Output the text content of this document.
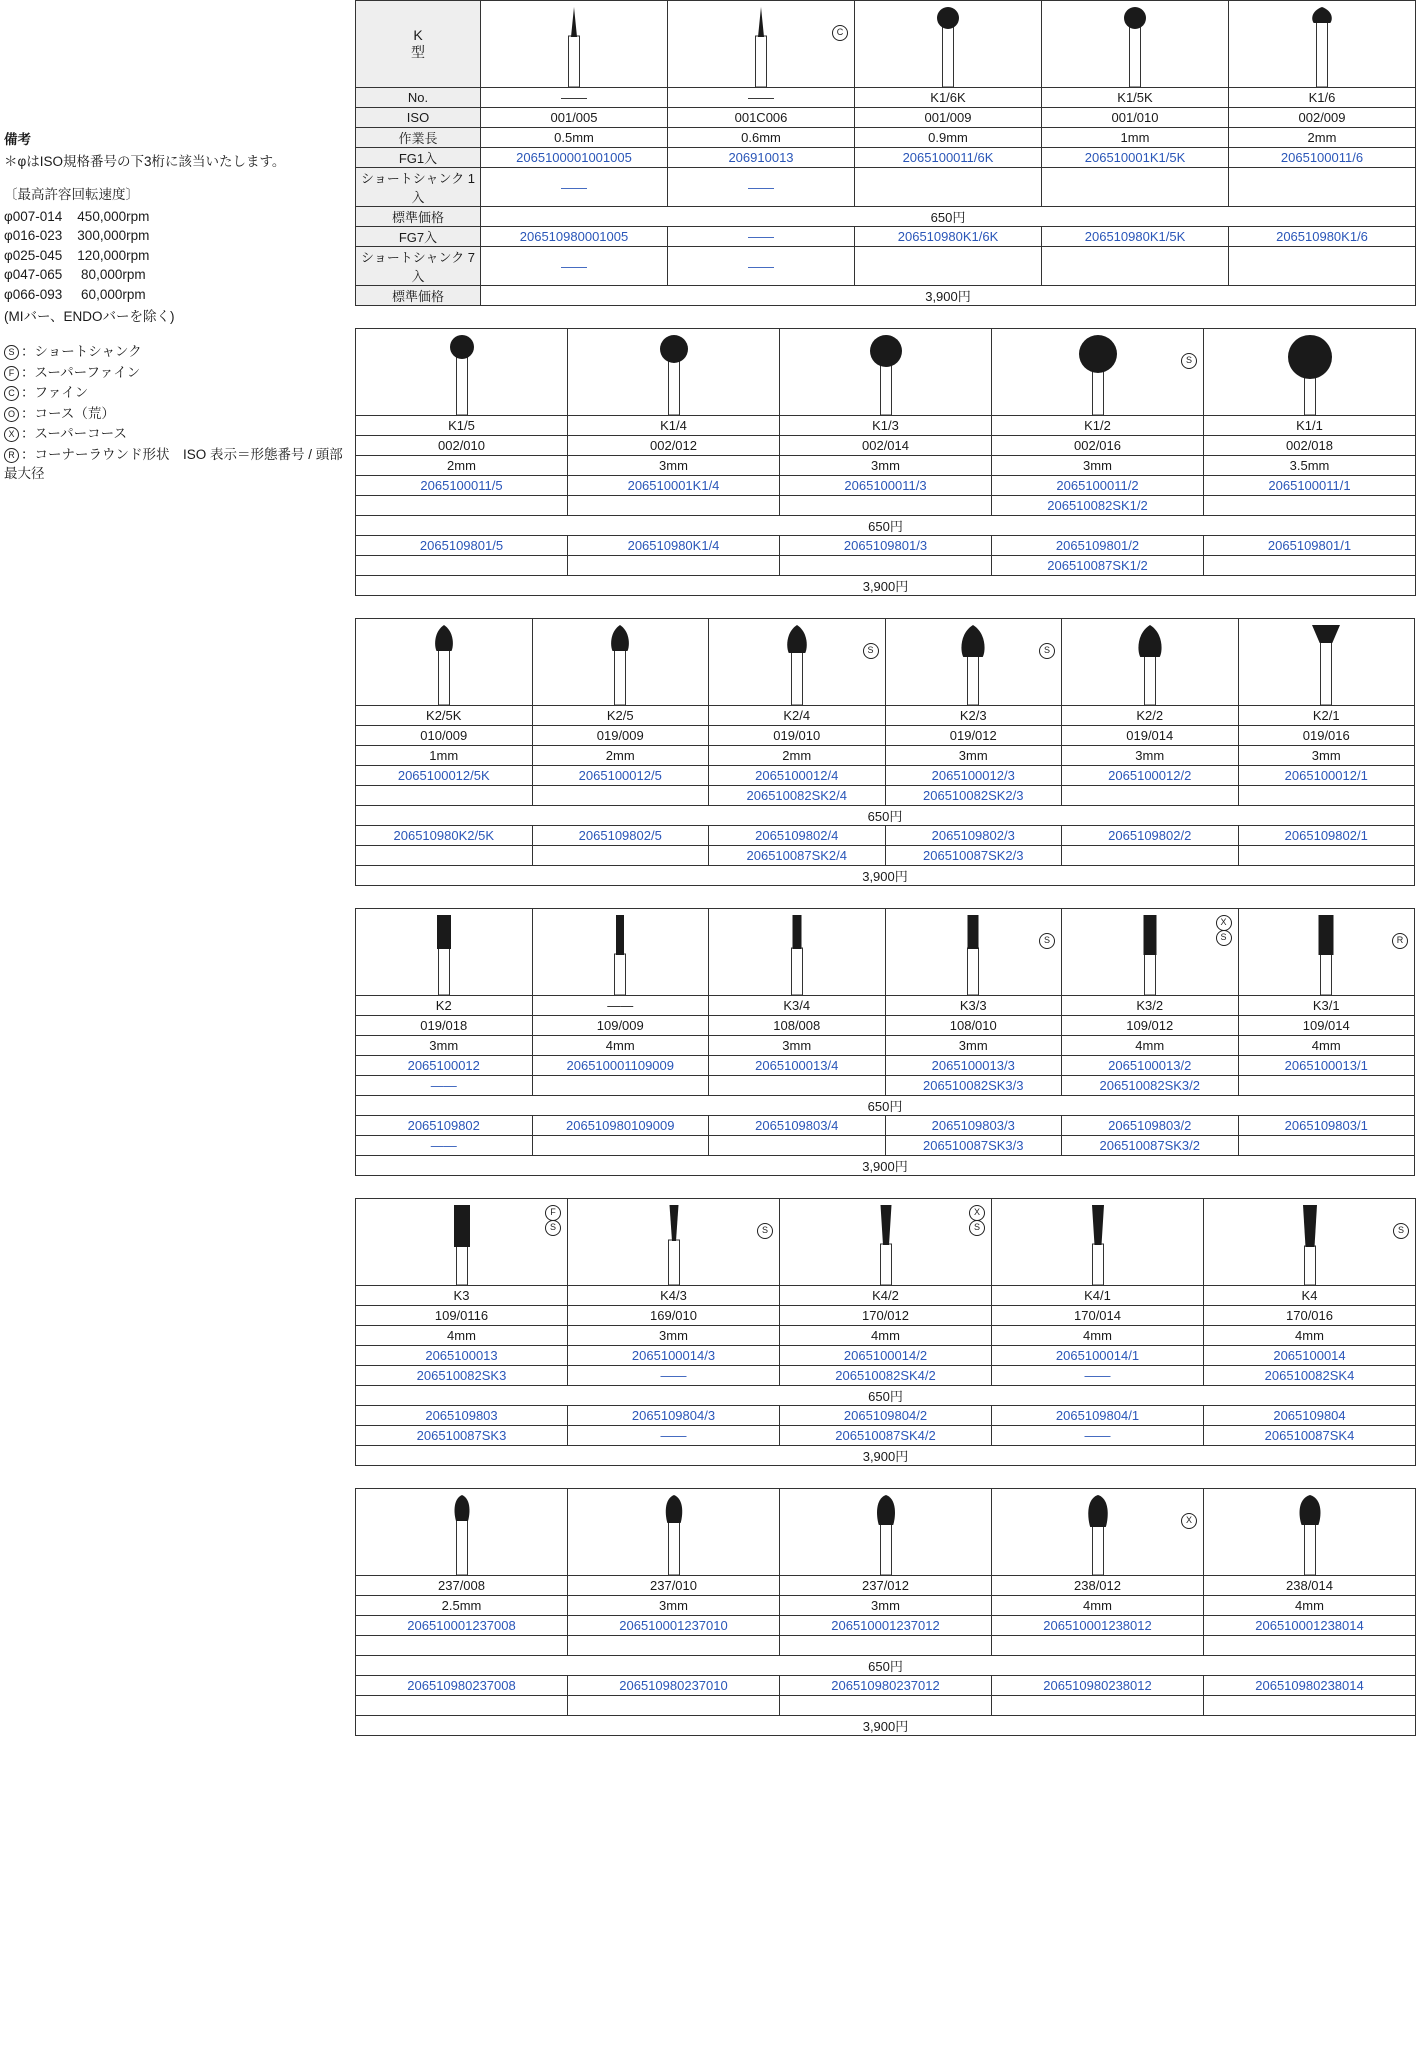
備考
＊φはISO規格番号の下3桁に該当いたします。
〔最高許容回転速度〕
φ007-014    450,000rpm
φ016-023    300,000rpm
φ025-045    120,000rpm
φ047-065     80,000rpm
φ066-093     60,000rpm
(MIバー、ENDOバーを除く)
S ：ショートシャンク
F ：スーパーファイン
C ：ファイン
O ：コース（荒）
X ：スーパーコース
R ：コーナーラウンド形状　ISO 表示＝形態番号 / 頭部最大径
K
型		C

No.	——	——	K1/6K	K1/5K	K1/6
ISO	001/005	001C006	001/009	001/010	002/009
作業長	0.5mm	0.6mm	0.9mm	1mm	2mm
FG1入	2065100001001005	206910013	2065100011/6K	206510001K1/5K	2065100011/6
ショートシャンク 1入	——	——			
標準価格	650円				
FG7入	206510980001005	——	206510980K1/6K	206510980K1/5K	206510980K1/6
ショートシャンク 7入	——	——			
標準価格	3,900円				

S

K1/5	K1/4	K1/3	K1/2	K1/1
002/010	002/012	002/014	002/016	002/018
2mm	3mm	3mm	3mm	3.5mm
2065100011/5	206510001K1/4	2065100011/3	2065100011/2	2065100011/1
			206510082SK1/2	
650円				
2065109801/5	206510980K1/4	2065109801/3	2065109801/2	2065109801/1
			206510087SK1/2	
3,900円				

S	S

K2/5K	K2/5	K2/4	K2/3	K2/2	K2/1
010/009	019/009	019/010	019/012	019/014	019/016
1mm	2mm	2mm	3mm	3mm	3mm
2065100012/5K	2065100012/5	2065100012/4	2065100012/3	2065100012/2	2065100012/1
		206510082SK2/4	206510082SK2/3		
650円					
206510980K2/5K	2065109802/5	2065109802/4	2065109802/3	2065109802/2	2065109802/1
		206510087SK2/4	206510087SK2/3		
3,900円					

S	X
S	R

K2	——	K3/4	K3/3	K3/2	K3/1
019/018	109/009	108/008	108/010	109/012	109/014
3mm	4mm	3mm	3mm	4mm	4mm
2065100012	206510001109009	2065100013/4	2065100013/3	2065100013/2	2065100013/1
——			206510082SK3/3	206510082SK3/2	
650円					
2065109802	206510980109009	2065109803/4	2065109803/3	2065109803/2	2065109803/1
——			206510087SK3/3	206510087SK3/2	
3,900円					
F
S	S	X
S		S

K3	K4/3	K4/2	K4/1	K4
109/0116	169/010	170/012	170/014	170/016
4mm	3mm	4mm	4mm	4mm
2065100013	2065100014/3	2065100014/2	2065100014/1	2065100014
206510082SK3	——	206510082SK4/2	——	206510082SK4
650円				
2065109803	2065109804/3	2065109804/2	2065109804/1	2065109804
206510087SK3	——	206510087SK4/2	——	206510087SK4
3,900円				

X

237/008	237/010	237/012	238/012	238/014
2.5mm	3mm	3mm	4mm	4mm
206510001237008	206510001237010	206510001237012	206510001238012	206510001238014

650円				
206510980237008	206510980237010	206510980237012	206510980238012	206510980238014

3,900円				
